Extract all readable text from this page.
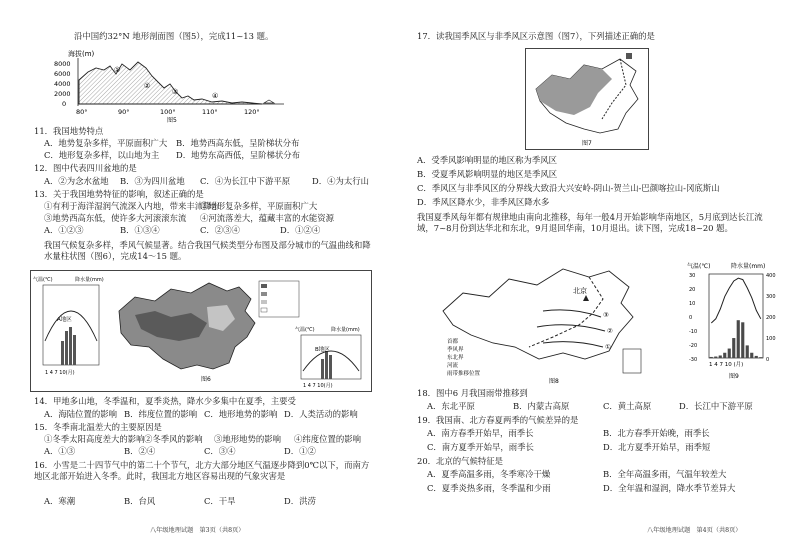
沿中国约32°N 地形剖面图（图5），完成11~13 题。
海拔(m)
8000
6000
4000
2000
0
①
②
③	④
80°	90°	100°	110°	120°
图5
11．我国地势特点
A．地势复杂多样，平原面积广大 B．地势西高东低，呈阶梯状分布
C．地形复杂多样，以山地为主 D．地势东高西低，呈阶梯状分布
12．图中代表四川盆地的是
A．②为念水盆地 B．③为四川盆地 C．④为长江中下游平原	D．④为太行山
13．关于我国地势特征的影响，叙述正确的是
①有利于海洋湿润气流深入内地，带来丰沛降水
②地形复杂多样，平原面积广大
③地势西高东低，使许多大河滚滚东流 ④河流落差大，蕴藏丰富的水能资源
A．①②③	B．①③④	C．②③④	D．①②④
我国气候复杂多样，季风气候显著。结合我国气候类型分布图及部分城市的气温曲线和降水量柱状图（图6），完成14～15 题。
气温(℃)	降水量(mm)
A地区
1 4 7 10(月)
图6
气温(℃)	降水量(mm)
B地区
1 4 7 10(月)
14．甲地多山地，冬季温和，夏季炎热，降水少多集中在夏季，主要受
A．海陆位置的影响 B．纬度位置的影响 C．地形地势的影响 D．人类活动的影响
15．冬季南北温差大的主要原因是
①冬季太阳高度差大的影响 ②冬季风的影响 ③地形地势的影响 ④纬度位置的影响
A．①③	B．②④	C．③④	D．①②
16．小雪是二十四节气中的第二十个节气，北方大部分地区气温逐步降到0℃以下，而南方地区北部开始进入冬季。此时，我国北方地区容易出现的气象灾害是
A．寒潮	B．台风	C．干旱	D．洪涝
八年级地理试题　第3页（共8页）
17．读我国季风区与非季风区示意图（图7），下列描述正确的是
图7
A．受季风影响明显的地区称为季风区
B．受夏季风影响明显的地区是季风区
C．季风区与非季风区的分界线大致沿大兴安岭-阴山-贺兰山-巴颜喀拉山-冈底斯山
D．季风区降水少，非季风区降水多
我国夏季风每年都有规律地由南向北推移，每年一般4月开始影响华南地区，5月底到达长江流域，7~8月份到达华北和东北，9月退回华南，10月退出。读下图，完成18~20 题。
北京
③
②
①
首都
季风界
东北界
河流
雨带推移位置
图8
气温(℃)	降水量(mm)
30
20
10
0
-10
-20
-30
400
300
200
100
0
1 4 7 10 (月)
图9
18．图中6 月我国雨带推移到
A．东北平原	B．内蒙古高原	C．黄土高原	D．长江中下游平原
19．我国南、北方春夏两季的气候差异的是
A．南方春季开始早，雨季长	B．北方春季开始晚，雨季长
C．南方夏季开始早，雨季长	D．北方夏季开始早，雨季短
20．北京的气候特征是
A．夏季高温多雨，冬季寒冷干燥	B．全年高温多雨，气温年较差大
C．夏季炎热多雨，冬季温和少雨	D．全年温和湿润，降水季节差异大
八年级地理试题　第4页（共8页）
